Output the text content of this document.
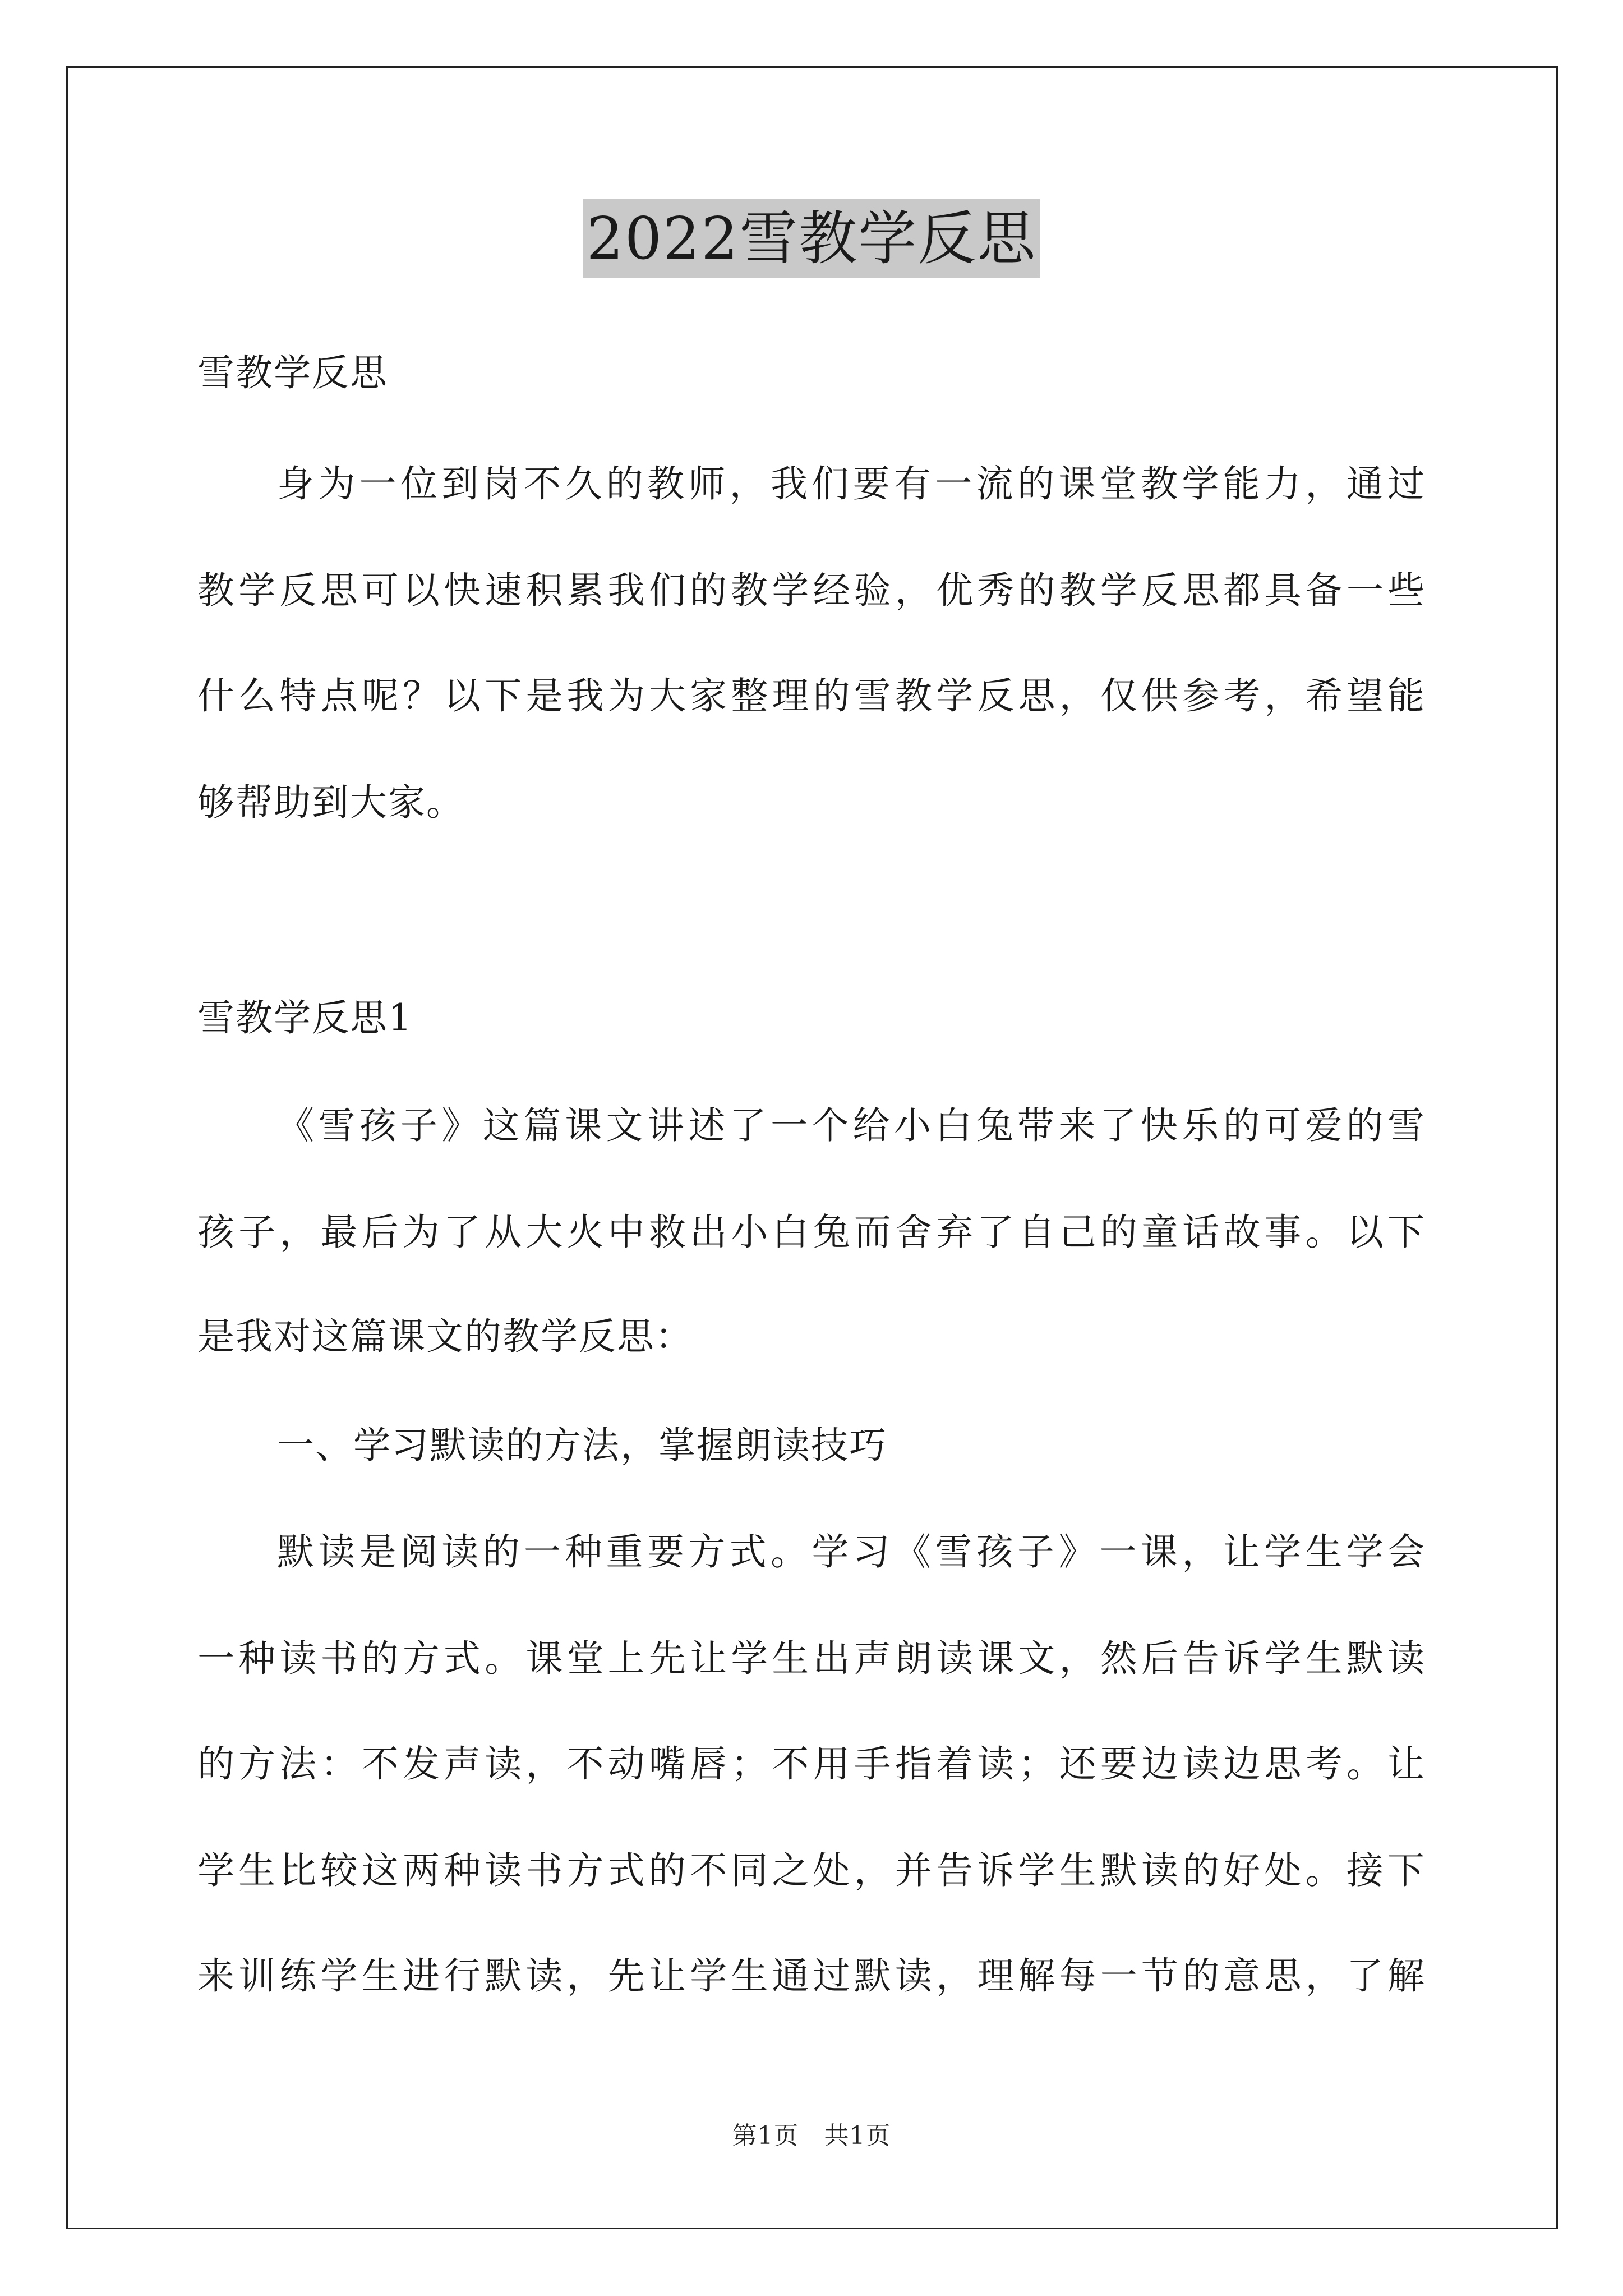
2022雪教学反思
雪教学反思
身为一位到岗不久的教师，我们要有一流的课堂教学能力，通过
教学反思可以快速积累我们的教学经验，优秀的教学反思都具备一些
什么特点呢？以下是我为大家整理的雪教学反思，仅供参考，希望能
够帮助到大家。
雪教学反思1
《雪孩子》这篇课文讲述了一个给小白兔带来了快乐的可爱的雪
孩子，最后为了从大火中救出小白兔而舍弃了自己的童话故事。以下
是我对这篇课文的教学反思：
一、学习默读的方法，掌握朗读技巧
默读是阅读的一种重要方式。学习《雪孩子》一课，让学生学会
一种读书的方式。课堂上先让学生出声朗读课文，然后告诉学生默读
的方法：不发声读，不动嘴唇；不用手指着读；还要边读边思考。让
学生比较这两种读书方式的不同之处，并告诉学生默读的好处。接下
来训练学生进行默读，先让学生通过默读，理解每一节的意思，了解
第1页　共1页
